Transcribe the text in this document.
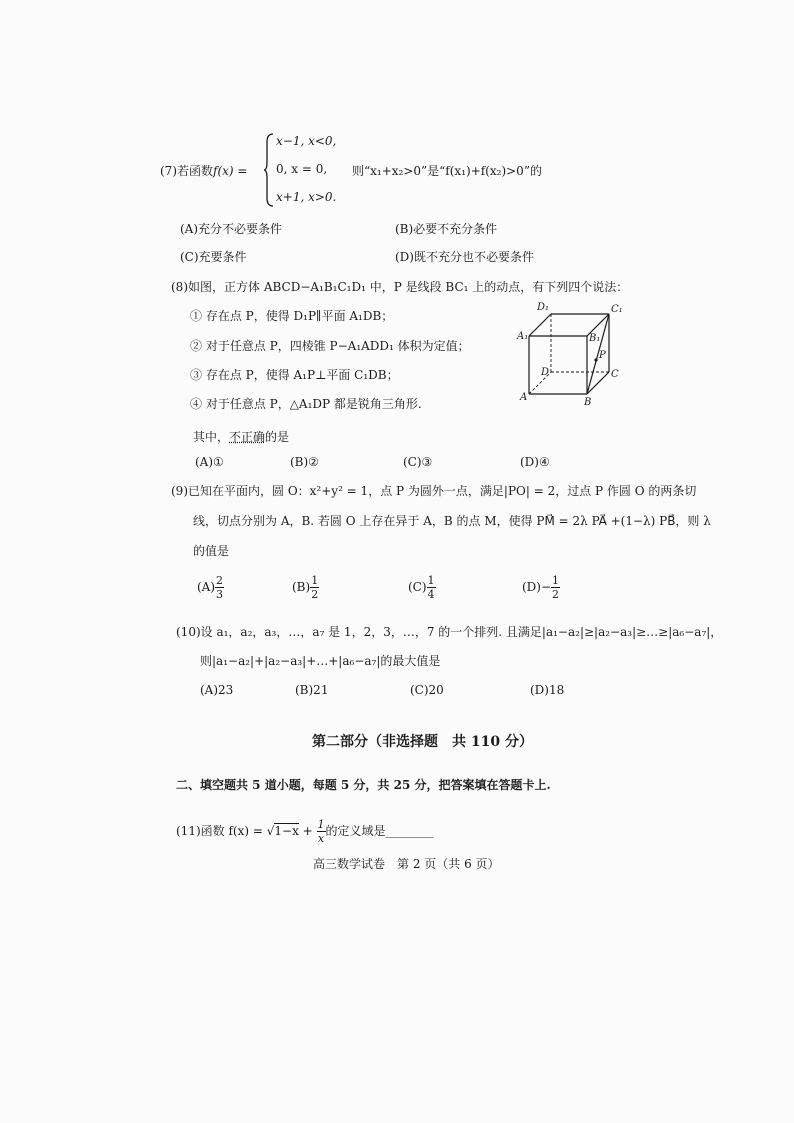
(7)若函数f(x) =
x−1, x<0,
0, x = 0, 则“x₁+x₂>0”是“f(x₁)+f(x₂)>0”的
x+1, x>0.
(A)充分不必要条件	(B)必要不充分条件
(C)充要条件	(D)既不充分也不必要条件
(8)如图，正方体 ABCD−A₁B₁C₁D₁ 中，P 是线段 BC₁ 上的动点，有下列四个说法：
① 存在点 P，使得 D₁P∥平面 A₁DB；
② 对于任意点 P，四棱锥 P−A₁ADD₁ 体积为定值；
③ 存在点 P，使得 A₁P⊥平面 C₁DB；
④ 对于任意点 P，△A₁DP 都是锐角三角形.
其中，不正确的是
(A)①	(B)②	(C)③	(D)④
D₁	C₁
A₁	B₁
P
D	C
A	B
(9)已知在平面内，圆 O：x²+y² = 1，点 P 为圆外一点，满足|PO| = 2，过点 P 作圆 O 的两条切
线，切点分别为 A，B. 若圆 O 上存在异于 A，B 的点 M，使得 PM⃗ = 2λ PA⃗ +(1−λ) PB⃗，则 λ
的值是
$(A) \frac{2}{3}$	$(B) \frac{1}{2}$	$(C) \frac{1}{4}$	$(D)- \frac{1}{2}$
(10)设 a₁，a₂，a₃，…，a₇ 是 1，2，3，…，7 的一个排列. 且满足|a₁−a₂|≥|a₂−a₃|≥…≥|a₆−a₇|，
则|a₁−a₂|+|a₂−a₃|+…+|a₆−a₇|的最大值是
(A)23	(B)21	(C)20	(D)18
第二部分（非选择题　共 110 分）
二、填空题共 5 道小题，每题 5 分，共 25 分，把答案填在答题卡上.
(11)函数 $f(x) = √1-x + \frac{1}{x}$ 的定义域是________
高三数学试卷　第 2 页（共 6 页）
